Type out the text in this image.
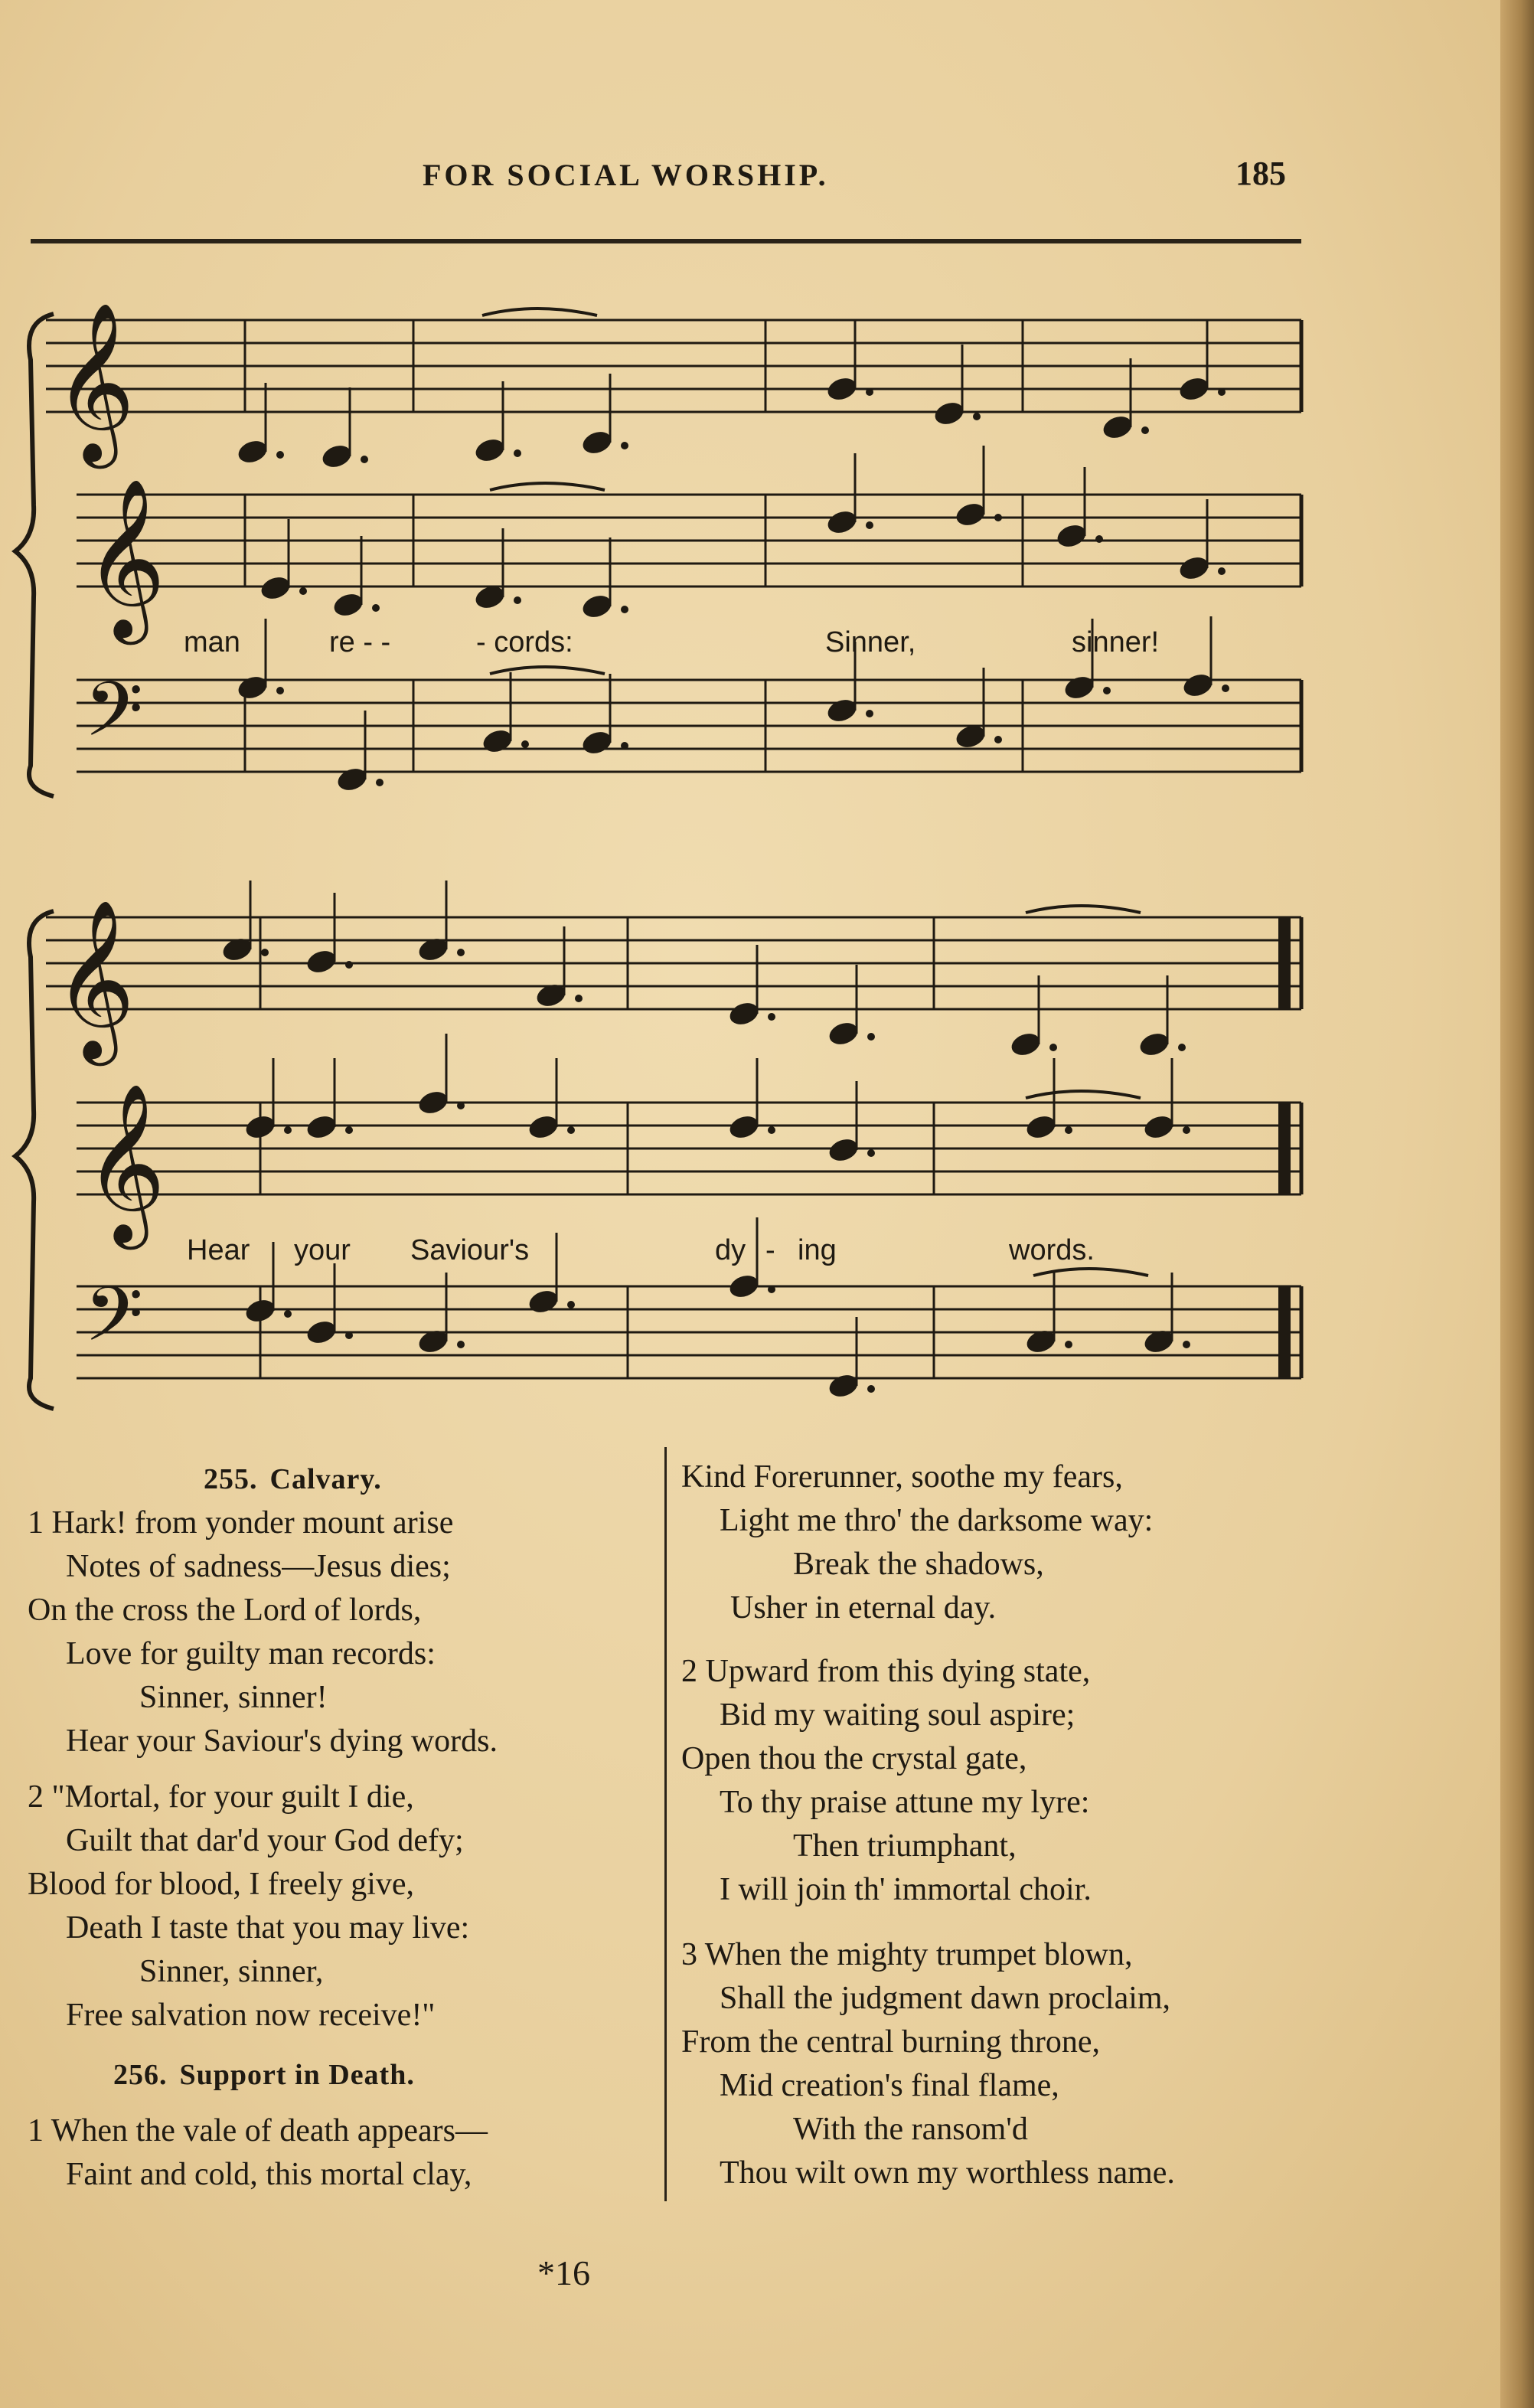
FOR SOCIAL WORSHIP.	185
𝄞
𝄞
𝄢
𝄞
𝄞
𝄢
man	re - -	- cords:	Sinner,	sinner!
Hear your Saviour's	dy - ing	words.
255. Calvary.
1 Hark! from yonder mount arise
Notes of sadness—Jesus dies;
On the cross the Lord of lords,
Love for guilty man records:
Sinner, sinner!
Hear your Saviour's dying words.
2 "Mortal, for your guilt I die,
Guilt that dar'd your God defy;
Blood for blood, I freely give,
Death I taste that you may live:
Sinner, sinner,
Free salvation now receive!"
256. Support in Death.
1 When the vale of death appears—
Faint and cold, this mortal clay,
Kind Forerunner, soothe my fears,
Light me thro' the darksome way:
Break the shadows,
Usher in eternal day.
2 Upward from this dying state,
Bid my waiting soul aspire;
Open thou the crystal gate,
To thy praise attune my lyre:
Then triumphant,
I will join th' immortal choir.
3 When the mighty trumpet blown,
Shall the judgment dawn proclaim,
From the central burning throne,
Mid creation's final flame,
With the ransom'd
Thou wilt own my worthless name.
*16
